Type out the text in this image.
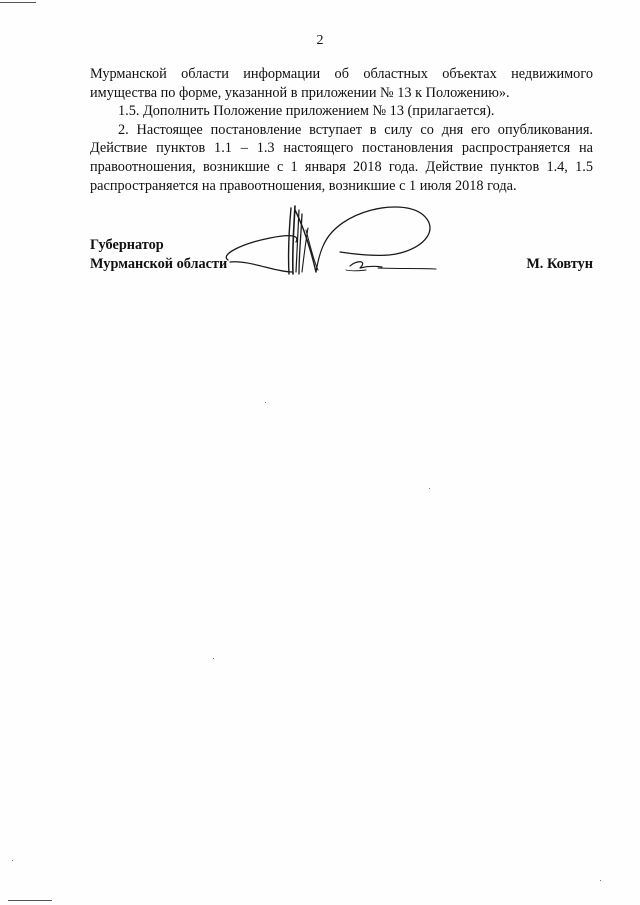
2

Мурманской области информации об областных объектах недвижимого имущества по форме, указанной в приложении № 13 к Положению».

1.5. Дополнить Положение приложением № 13 (прилагается).

2. Настоящее постановление вступает в силу со дня его опубликования. Действие пунктов 1.1 – 1.3 настоящего постановления распространяется на правоотношения, возникшие с 1 января 2018 года. Действие пунктов 1.4, 1.5 распространяется на правоотношения, возникшие с 1 июля 2018 года.

Губернатор
Мурманской области	М. Ковтун
